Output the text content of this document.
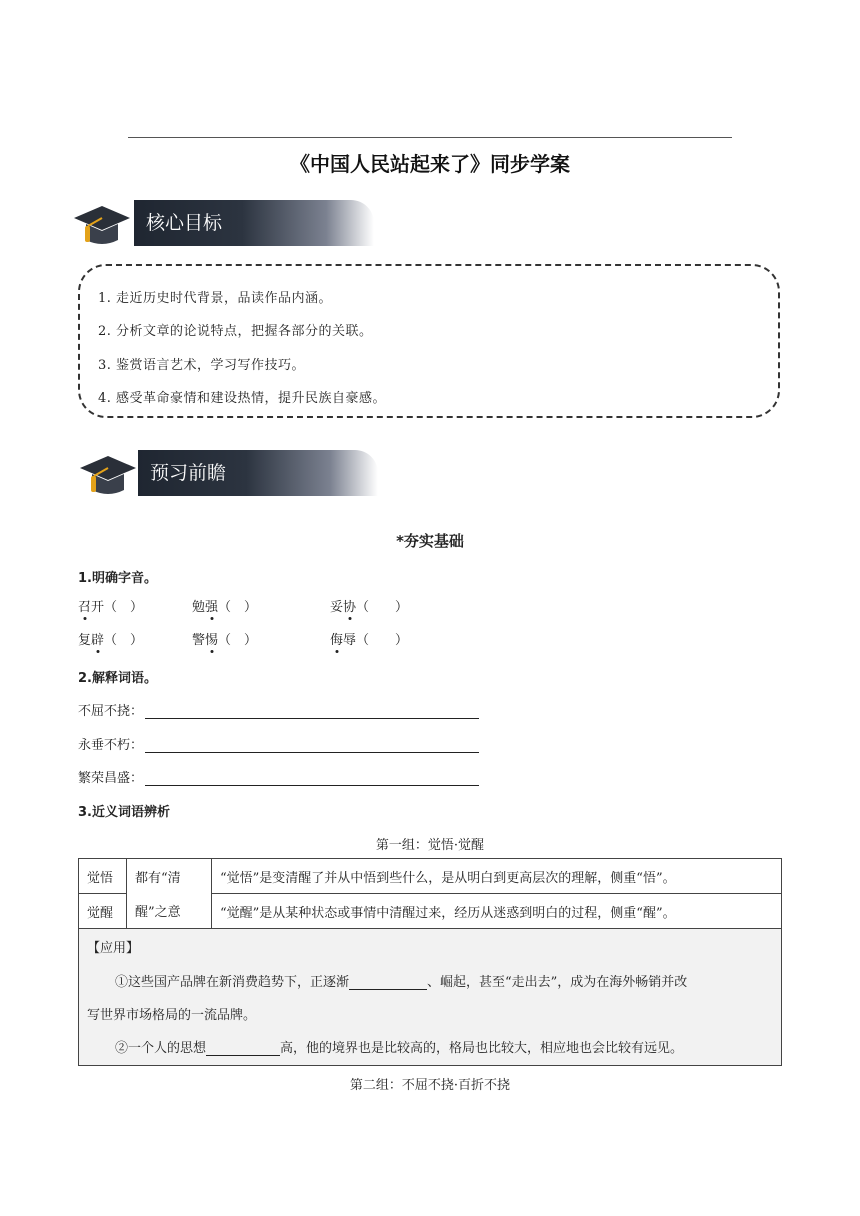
《中国人民站起来了》同步学案
核心目标
1. 走近历史时代背景，品读作品内涵。
2. 分析文章的论说特点，把握各部分的关联。
3. 鉴赏语言艺术，学习写作技巧。
4. 感受革命豪情和建设热情，提升民族自豪感。
预习前瞻
*夯实基础
1.明确字音。
召开（　）	勉强（　）	妥协（　　）
复辟（　）	警惕（　）	侮辱（　　）
2.解释词语。
不屈不挠：
永垂不朽：
繁荣昌盛：
3.近义词语辨析
第一组：觉悟·觉醒
觉悟	都有“清	“觉悟”是变清醒了并从中悟到些什么，是从明白到更高层次的理解，侧重“悟”。
觉醒	醒”之意	“觉醒”是从某种状态或事情中清醒过来，经历从迷惑到明白的过程，侧重“醒”。

【应用】
①这些国产品牌在新消费趋势下，正逐渐 、崛起，甚至“走出去”，成为在海外畅销并改
写世界市场格局的一流品牌。
②一个人的思想 高，他的境界也是比较高的，格局也比较大，相应地也会比较有远见。		
第二组：不屈不挠·百折不挠
